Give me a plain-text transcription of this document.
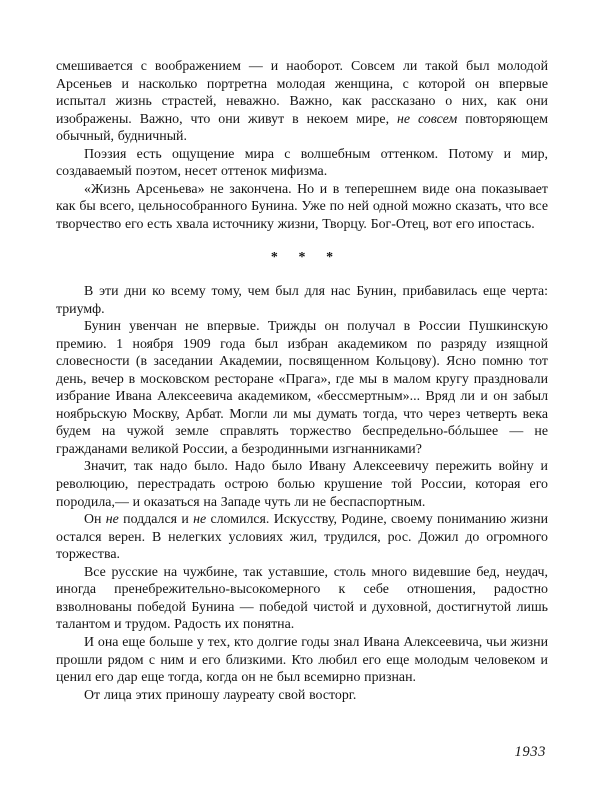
смешивается с воображением — и наоборот. Совсем ли такой был молодой Арсеньев и насколько портретна молодая женщина, с которой он впервые испытал жизнь страстей, неважно. Важно, как рассказано о них, как они изображены. Важно, что они живут в некоем мире, не совсем повторяющем обычный, будничный.

Поэзия есть ощущение мира с волшебным оттенком. Потому и мир, создаваемый поэтом, несет оттенок мифизма.

«Жизнь Арсеньева» не закончена. Но и в теперешнем виде она показывает как бы всего, цельнособранного Бунина. Уже по ней одной можно сказать, что все творчество его есть хвала источнику жизни, Творцу. Бог-Отец, вот его ипостась.

* * *

В эти дни ко всему тому, чем был для нас Бунин, прибавилась еще черта: триумф.

Бунин увенчан не впервые. Трижды он получал в России Пушкинскую премию. 1 ноября 1909 года был избран академиком по разряду изящной словесности (в заседании Академии, посвященном Кольцову). Ясно помню тот день, вечер в московском ресторане «Прага», где мы в малом кругу праздновали избрание Ивана Алексеевича академиком, «бессмертным»... Вряд ли и он забыл ноябрьскую Москву, Арбат. Могли ли мы думать тогда, что через четверть века будем на чужой земле справлять торжество беспредельно-бóльшее — не гражданами великой России, а безродинными изгнанниками?

Значит, так надо было. Надо было Ивану Алексеевичу пережить войну и революцию, перестрадать острою болью крушение той России, которая его породила,— и оказаться на Западе чуть ли не беспаспортным.

Он не поддался и не сломился. Искусству, Родине, своему пониманию жизни остался верен. В нелегких условиях жил, трудился, рос. Дожил до огромного торжества.

Все русские на чужбине, так уставшие, столь много видевшие бед, неудач, иногда пренебрежительно-высокомерного к себе отношения, радостно взволнованы победой Бунина — победой чистой и духовной, достигнутой лишь талантом и трудом. Радость их понятна.

И она еще больше у тех, кто долгие годы знал Ивана Алексеевича, чьи жизни прошли рядом с ним и его близкими. Кто любил его еще молодым человеком и ценил его дар еще тогда, когда он не был всемирно признан.

От лица этих приношу лауреату свой восторг.

1933
